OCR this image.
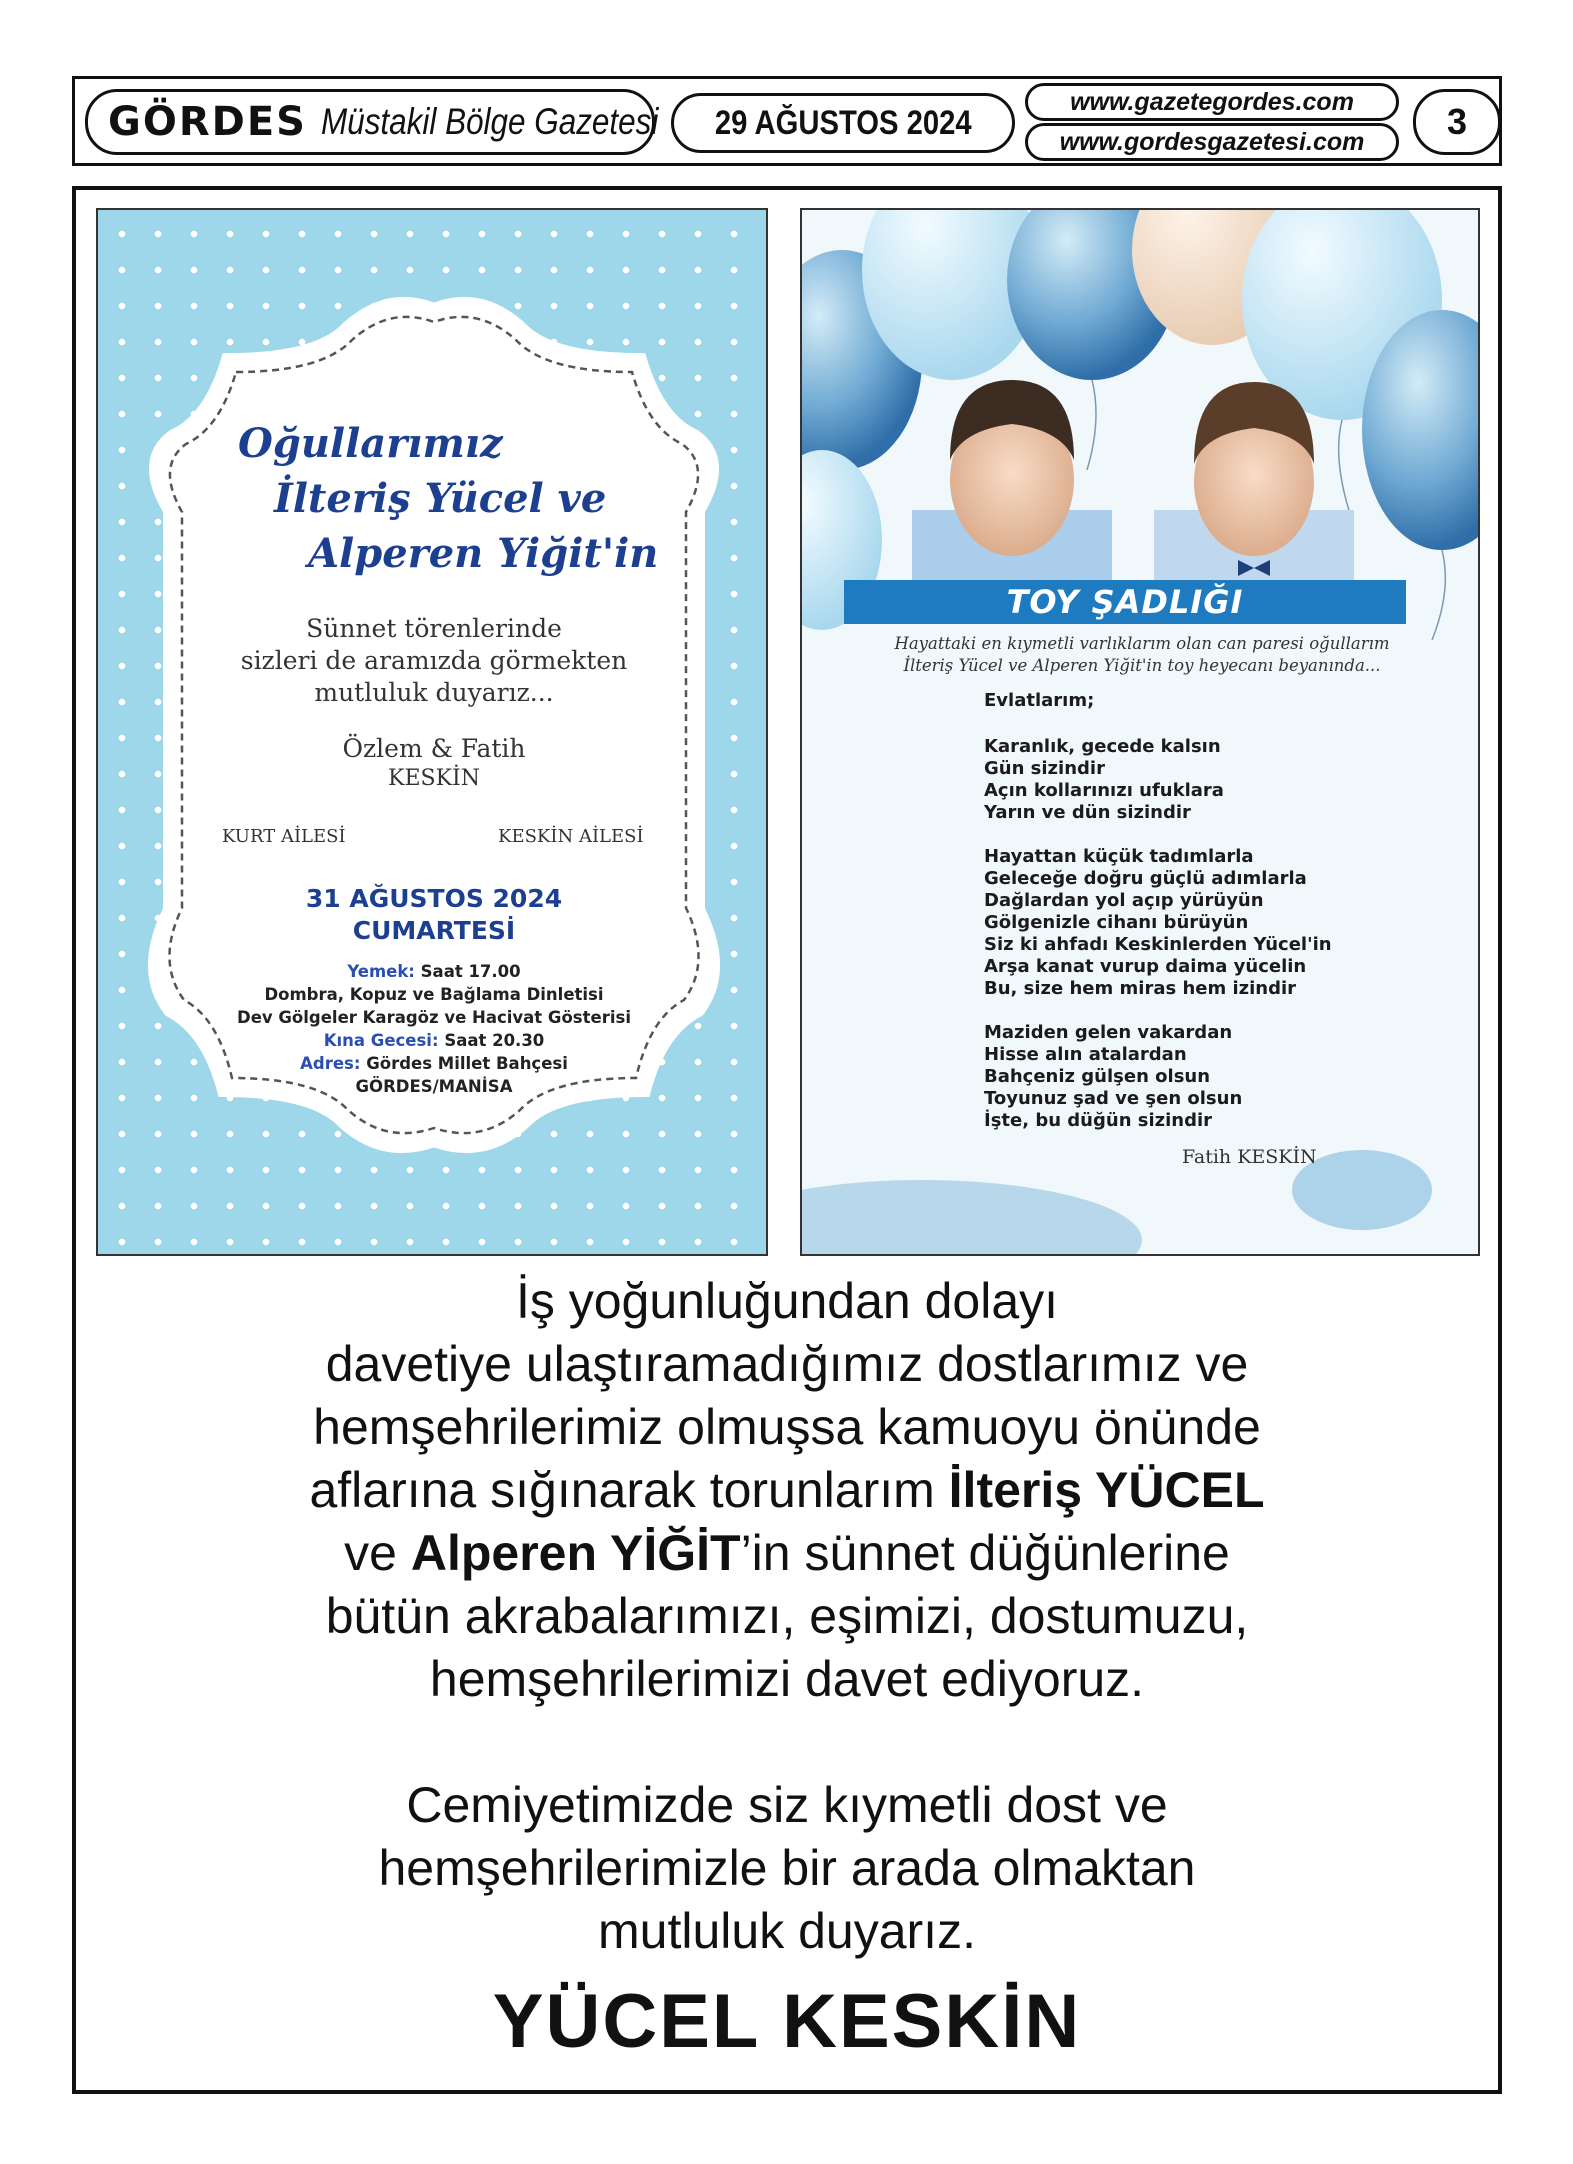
GÖRDES Müstakil Bölge Gazetesi 29 AĞUSTOS 2024
www.gazetegordes.com
www.gordesgazetesi.com	3
Oğullarımız
İlteriş Yücel ve
Alperen Yiğit'in
Sünnet törenlerinde
sizleri de aramızda görmekten
mutluluk duyarız...
Özlem & Fatih
KESKİN
KURT AİLESİ	KESKİN AİLESİ
31 AĞUSTOS 2024
CUMARTESİ
Yemek: Saat 17.00
Dombra, Kopuz ve Bağlama Dinletisi
Dev Gölgeler Karagöz ve Hacivat Gösterisi
Kına Gecesi: Saat 20.30
Adres: Gördes Millet Bahçesi
GÖRDES/MANİSA
TOY ŞADLIĞI
Hayattaki en kıymetli varlıklarım olan can paresi oğullarım
İlteriş Yücel ve Alperen Yiğit'in toy heyecanı beyanında...
Evlatlarım;
Karanlık, gecede kalsın
Gün sizindir
Açın kollarınızı ufuklara
Yarın ve dün sizindir
Hayattan küçük tadımlarla
Geleceğe doğru güçlü adımlarla
Dağlardan yol açıp yürüyün
Gölgenizle cihanı bürüyün
Siz ki ahfadı Keskinlerden Yücel'in
Arşa kanat vurup daima yücelin
Bu, size hem miras hem izindir
Maziden gelen vakardan
Hisse alın atalardan
Bahçeniz gülşen olsun
Toyunuz şad ve şen olsun
İşte, bu düğün sizindir
Fatih KESKİN
İş yoğunluğundan dolayı
davetiye ulaştıramadığımız dostlarımız ve
hemşehrilerimiz olmuşsa kamuoyu önünde
aflarına sığınarak torunlarım İlteriş YÜCEL
ve Alperen YİĞİT’in sünnet düğünlerine
bütün akrabalarımızı, eşimizi, dostumuzu,
hemşehrilerimizi davet ediyoruz.
Cemiyetimizde siz kıymetli dost ve
hemşehrilerimizle bir arada olmaktan
mutluluk duyarız.
YÜCEL KESKİN
